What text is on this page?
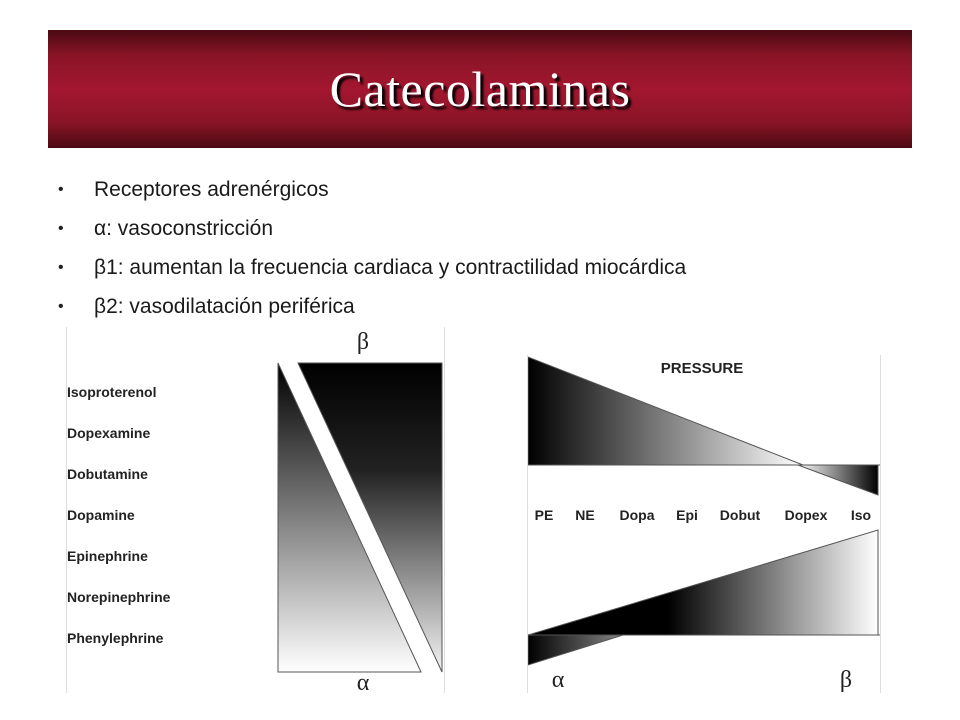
Catecolaminas
• Receptores adrenérgicos
• α: vasoconstricción
• β1: aumentan la frecuencia cardiaca y contractilidad miocárdica
• β2: vasodilatación periférica
Isoproterenol
Dopexamine
Dobutamine
Dopamine
Epinephrine
Norepinephrine
Phenylephrine
β
α
PRESSURE
PE NE Dopa Epi Dobut Dopex Iso
α	β
